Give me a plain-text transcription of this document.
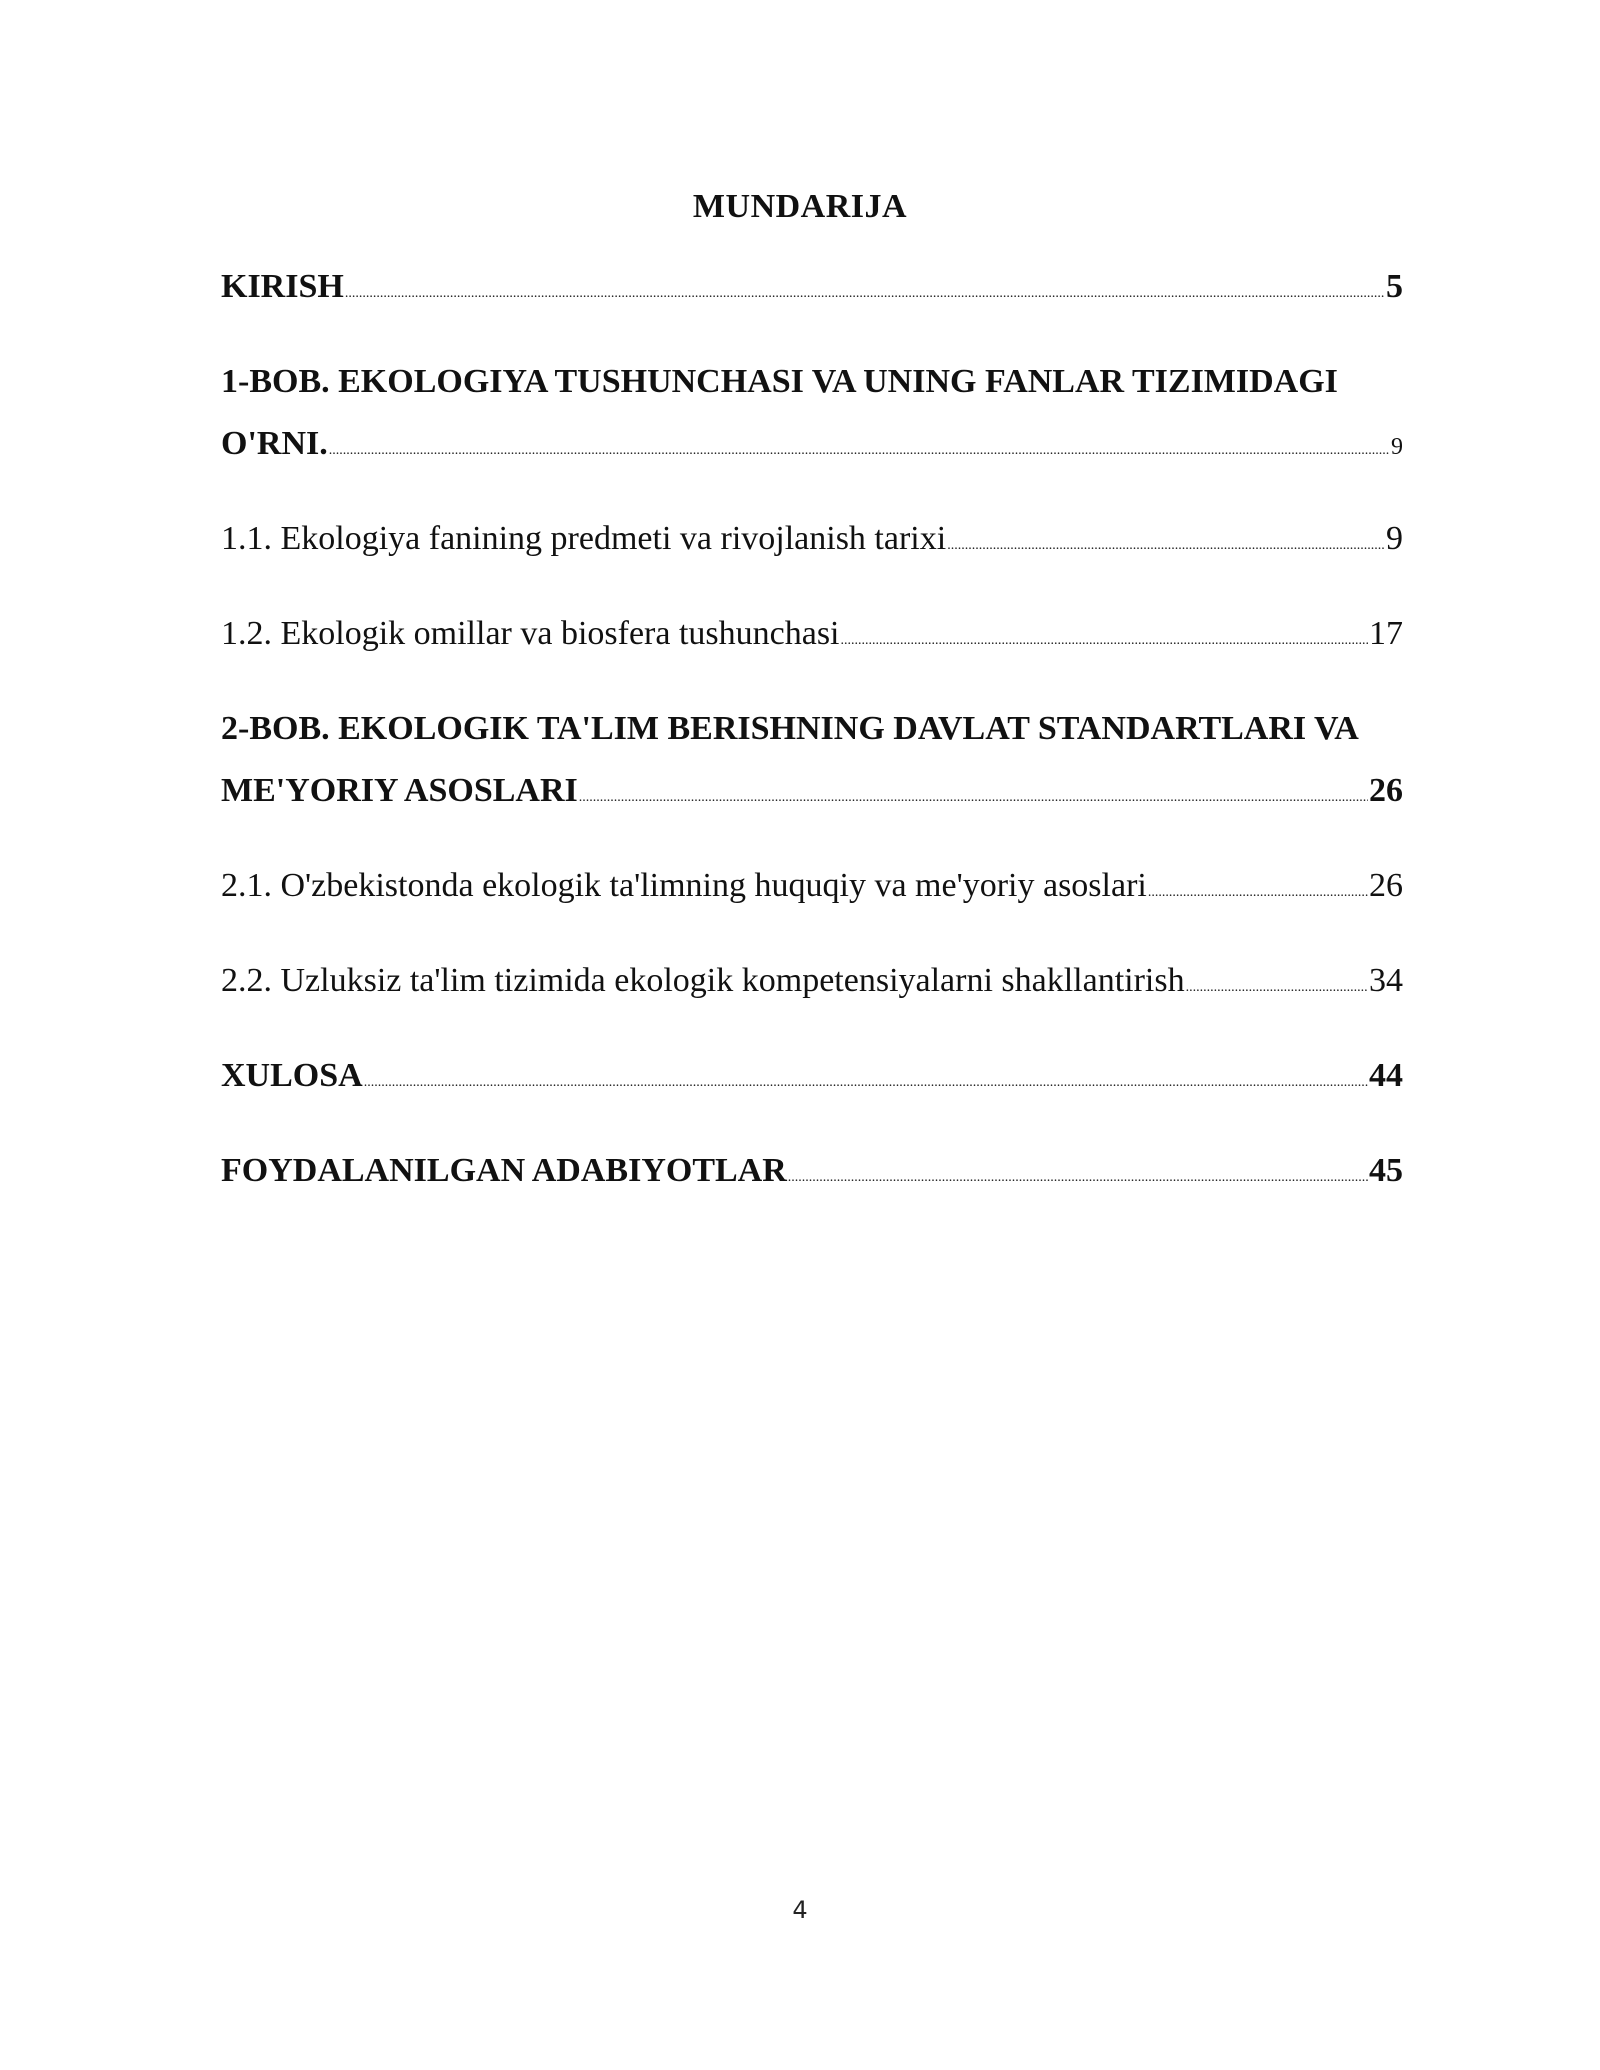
MUNDARIJA
KIRISH .....	5
1-BOB. EKOLOGIYA TUSHUNCHASI VA UNING FANLAR TIZIMIDAGI
O'RNI. .....	9
1.1. Ekologiya fanining predmeti va rivojlanish tarixi .....	9
1.2. Ekologik omillar va biosfera tushunchasi .....	17
2-BOB. EKOLOGIK TA'LIM BERISHNING DAVLAT STANDARTLARI VA
ME'YORIY ASOSLARI .....	26
2.1. O'zbekistonda ekologik ta'limning huquqiy va me'yoriy asoslari .....	26
2.2. Uzluksiz ta'lim tizimida ekologik kompetensiyalarni shakllantirish .....	34
XULOSA .....	44
FOYDALANILGAN ADABIYOTLAR .....	45
4
